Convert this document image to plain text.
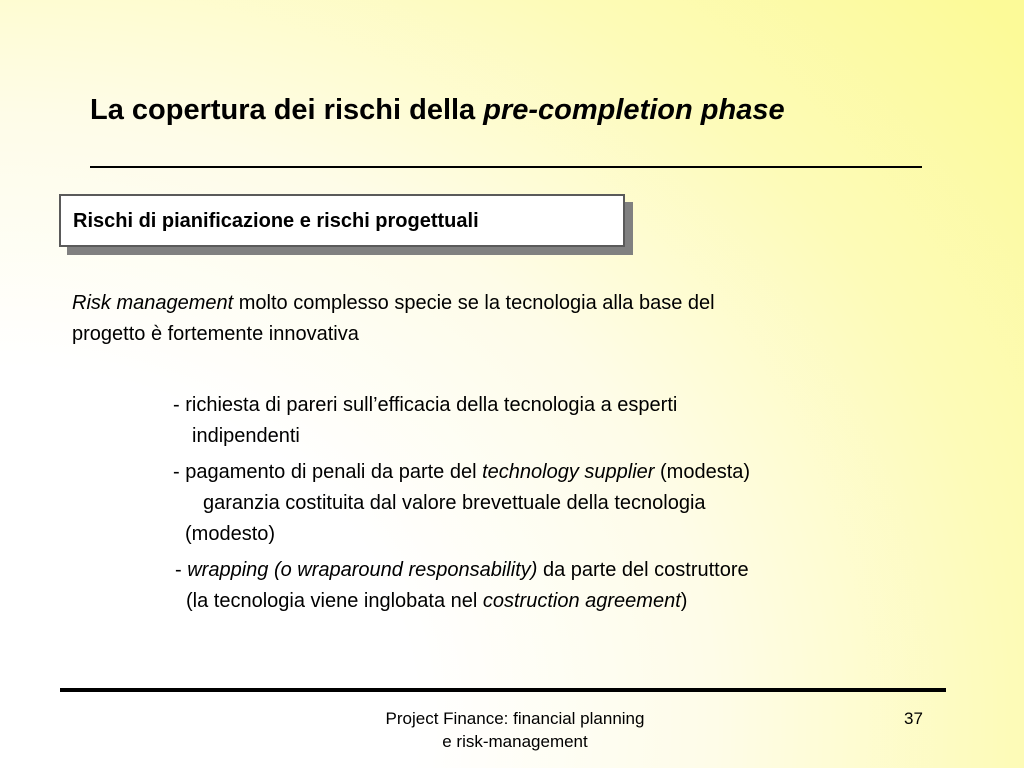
La copertura dei rischi della pre-completion phase
Rischi di pianificazione e rischi progettuali
Risk management molto complesso specie se la tecnologia alla base del
progetto è fortemente innovativa
- richiesta di pareri sull’efficacia della tecnologia a esperti
indipendenti
- pagamento di penali da parte del technology supplier (modesta)
garanzia costituita dal valore brevettuale della tecnologia
(modesto)
- wrapping (o wraparound responsability) da parte del costruttore
(la tecnologia viene inglobata nel costruction agreement)
Project Finance: financial planning
e risk-management
37
